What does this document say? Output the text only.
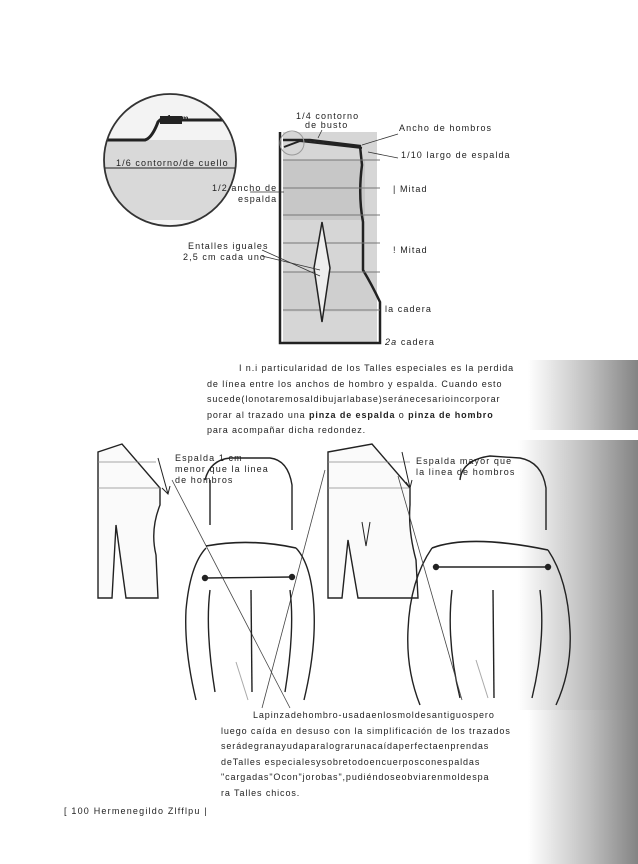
1/4 contorno
de busto	Ancho de hombros
1/10 largo de espalda
1 cm
1/6 contorno/de cuello
1/2 ancho de
espalda
| Mitad
! Mitad
Entalles iguales
2,5 cm cada uno
la cadera
2a cadera

I n.i particularidad de los Talles especiales es la perdida

de línea entre los anchos de hombro y espalda. Cuando esto

sucede(lonotaremosaldibujarlabase)seránecesarioincorporar

porar al trazado una pinza de espalda o pinza de hombro

para acompañar dicha redondez.

Espalda 1 cm
menor que la linea
de hombros
Espalda mayor que
la linea de hombros

Lapinzadehombro-usadaenlosmoldesantiguospero

luego caída en desuso con la simplificación de los trazados

serádegranayudaparalograrunacaídaperfectaenprendas

deTalles especialesysobretodoencuerposconespaldas

"cargadas"Ocon"jorobas",pudiéndoseobviarenmoldespa

ra Talles chicos.

[ 100 Hermenegildo Zlfflpu |
